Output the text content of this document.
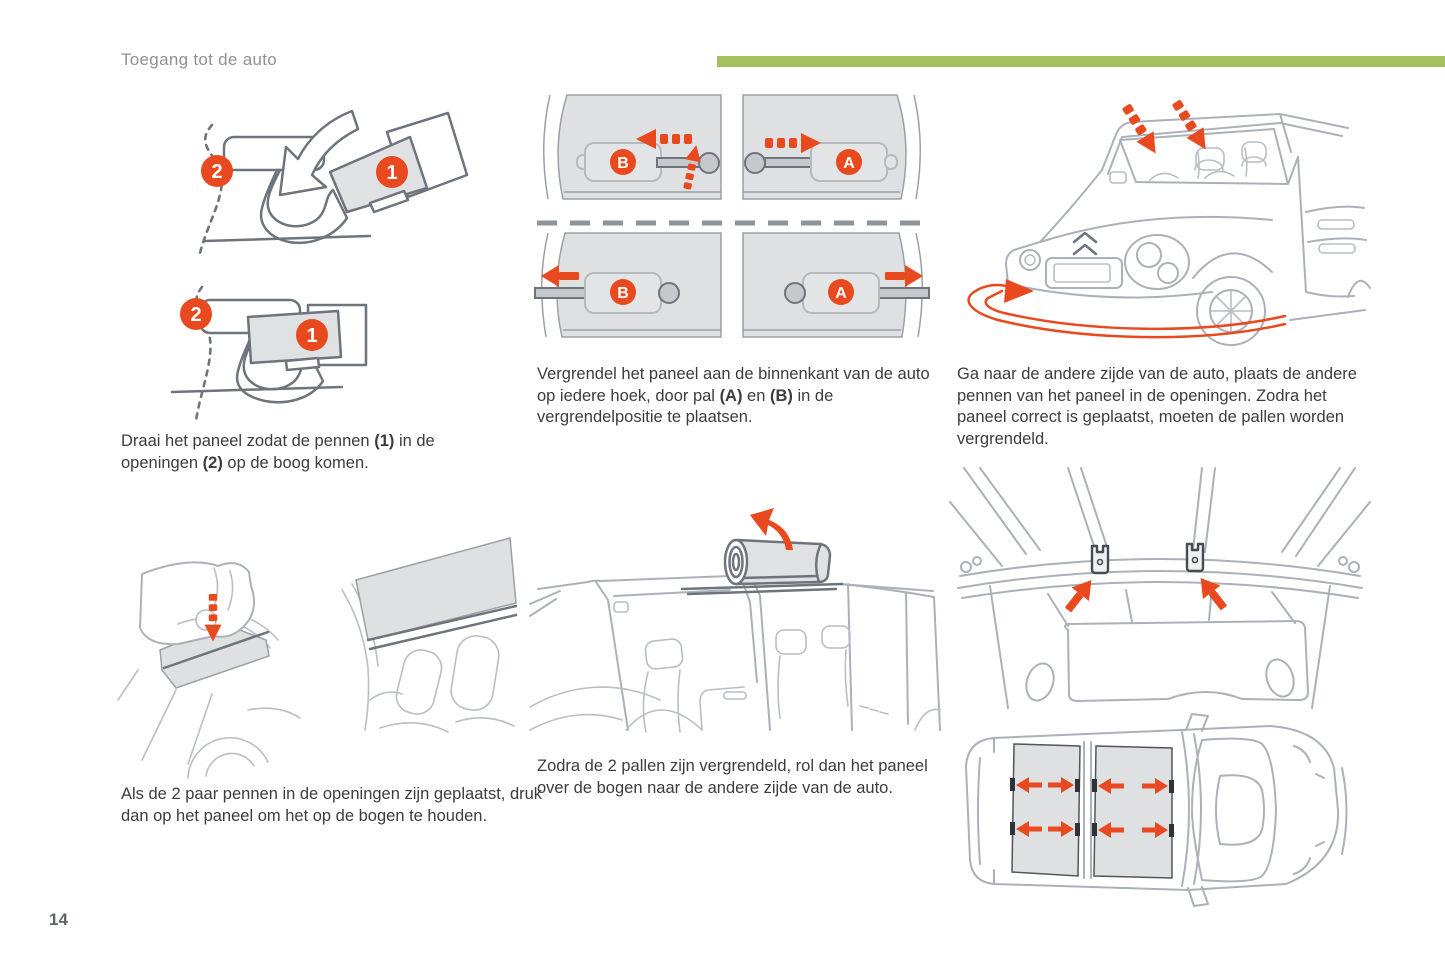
Toegang tot de auto
2	1
2
1
B	A
B	A
Draai het paneel zodat de pennen (1) in de openingen (2) op de boog komen.
Vergrendel het paneel aan de binnenkant van de auto op iedere hoek, door pal (A) en (B) in de vergrendelpositie te plaatsen.
Ga naar de andere zijde van de auto, plaats de andere pennen van het paneel in de openingen. Zodra het paneel correct is geplaatst, moeten de pallen worden vergrendeld.
Als de 2 paar pennen in de openingen zijn geplaatst, druk dan op het paneel om het op de bogen te houden.
Zodra de 2 pallen zijn vergrendeld, rol dan het paneel over de bogen naar de andere zijde van de auto.
14
